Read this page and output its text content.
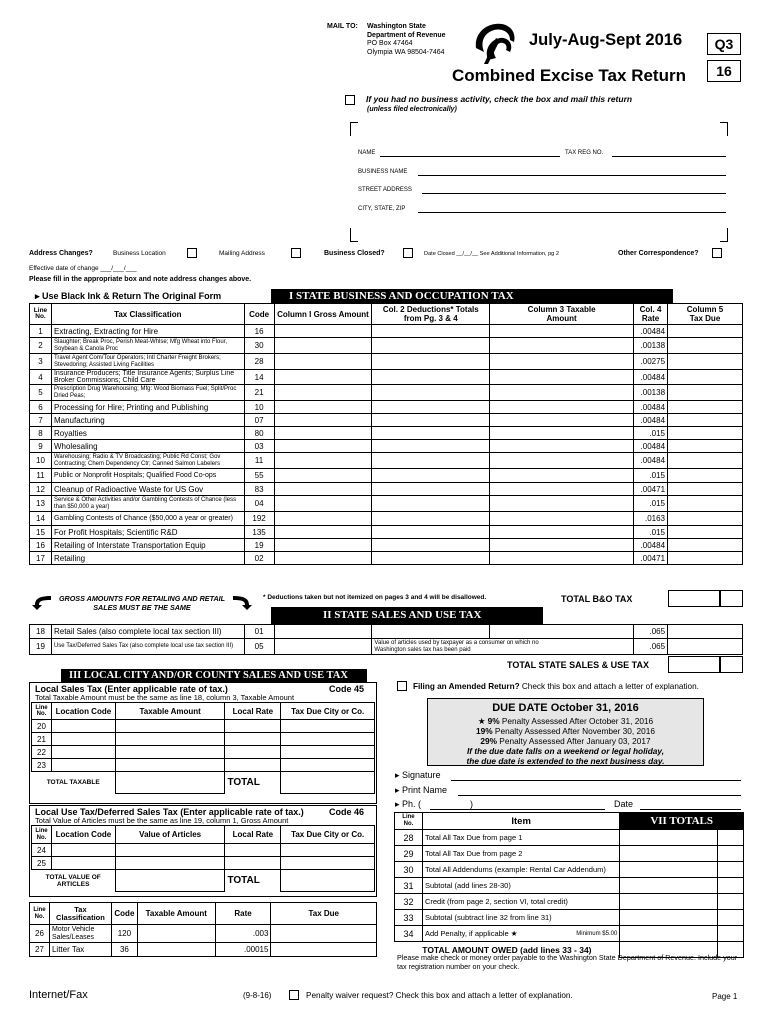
MAIL TO: Washington State
Department of Revenue
PO Box 47464
Olympia WA 98504-7464
July-Aug-Sept 2016	Q3
16
Combined Excise Tax Return
If you had no business activity, check the box and mail this return
(unless filed electronically)
NAME	TAX REG NO.
BUSINESS NAME
STREET ADDRESS
CITY, STATE, ZIP
Address Changes?	Business Location	Mailing Address	Business Closed?	Date Closed __/__/__ See Additional Information, pg 2	Other Correspondence?
Effective date of change ___/___/___
Please fill in the appropriate box and note address changes above.
▸ Use Black Ink & Return The Original Form	I STATE BUSINESS AND OCCUPATION TAX
Line No.	Tax Classification	Code	Column I Gross Amount	Col. 2 Deductions* Totals from Pg. 3 & 4	Column 3 Taxable Amount	Col. 4 Rate	Column 5 Tax Due
1	Extracting, Extracting for Hire	16				.00484	
2	Slaughter; Break Proc, Perish Meat-Whlse; Mfg Wheat into Flour, Soybean & Canola Proc	30				.00138	
3	Travel Agent Com/Tour Operators; Intl Charter Freight Brokers; Stevedoring; Assisted Living Facilities	28				.00275	
4	Insurance Producers; Title Insurance Agents; Surplus Line Broker Commissions; Child Care	14				.00484	
5	Prescription Drug Warehousing; Mfg: Wood Biomass Fuel; Split/Proc Dried Peas;	21				.00138	
6	Processing for Hire; Printing and Publishing	10				.00484	
7	Manufacturing	07				.00484	
8	Royalties	80				.015	
9	Wholesaling	03				.00484	
10	Warehousing; Radio & TV Broadcasting; Public Rd Const; Gov Contracting; Chem Dependency Ctr; Canned Salmon Labelers	11				.00484	
11	Public or Nonprofit Hospitals; Qualified Food Co-ops	55				.015	
12	Cleanup of Radioactive Waste for US Gov	83				.00471	
13	Service & Other Activities and/or Gambling Contests of Chance (less than $50,000 a year)	04				.015	
14	Gambling Contests of Chance ($50,000 a year or greater)	192				.0163	
15	For Profit Hospitals; Scientific R&D	135				.015	
16	Retailing of Interstate Transportation Equip	19				.00484	
17	Retailing	02				.00471	
GROSS AMOUNTS FOR RETAILING AND RETAIL SALES MUST BE THE SAME
* Deductions taken but not itemized on pages 3 and 4 will be disallowed.	TOTAL B&O TAX
II STATE SALES AND USE TAX
18	Retail Sales (also complete local tax section III)	01				.065	
19	Use Tax/Deferred Sales Tax (also complete local use tax section III)	05		Value of articles used by taxpayer as a consumer on which no Washington sales tax has been paid		.065	
TOTAL STATE SALES & USE TAX
III LOCAL CITY AND/OR COUNTY SALES AND USE TAX
Local Sales Tax (Enter applicable rate of tax.)	Code 45
Total Taxable Amount must be the same as line 18, column 3, Taxable Amount
Line No.	Location Code	Taxable Amount	Local Rate	Tax Due City or Co.
20				
21				
22				
23				
TOTAL TAXABLE			TOTAL	
Local Use Tax/Deferred Sales Tax (Enter applicable rate of tax.)	Code 46
Total Value of Articles must be the same as line 19, column 1, Gross Amount
Line No.	Location Code	Value of Articles	Local Rate	Tax Due City or Co.
24				
25				
TOTAL VALUE OF ARTICLES			TOTAL	
Line No.	Tax Classification	Code	Taxable Amount	Rate	Tax Due
26	Motor Vehicle Sales/Leases	120		.003	
27	Litter Tax	36		.00015	
Filing an Amended Return? Check this box and attach a letter of explanation.
DUE DATE October 31, 2016
★ 9% Penalty Assessed After October 31, 2016
19% Penalty Assessed After November 30, 2016
29% Penalty Assessed After January 03, 2017
If the due date falls on a weekend or legal holiday,
the due date is extended to the next business day.
▸ Signature
▸ Print Name
▸ Ph. (	)	Date
Line No.	Item	VII TOTALS	
28	Total All Tax Due from page 1		
29	Total All Tax Due from page 2		
30	Total All Addendums (example: Rental Car Addendum)		
31	Subtotal (add lines 28-30)		
32	Credit (from page 2, section VI, total credit)		
33	Subtotal (subtract line 32 from line 31)		
34	Add Penalty, if applicable ★ Minimum $5.00		

TOTAL AMOUNT OWED (add lines 33 - 34)			
Please make check or money order payable to the Washington State Department of Revenue. Include your tax registration number on your check.
Internet/Fax	(9-8-16)	Penalty waiver request? Check this box and attach a letter of explanation.	Page 1
